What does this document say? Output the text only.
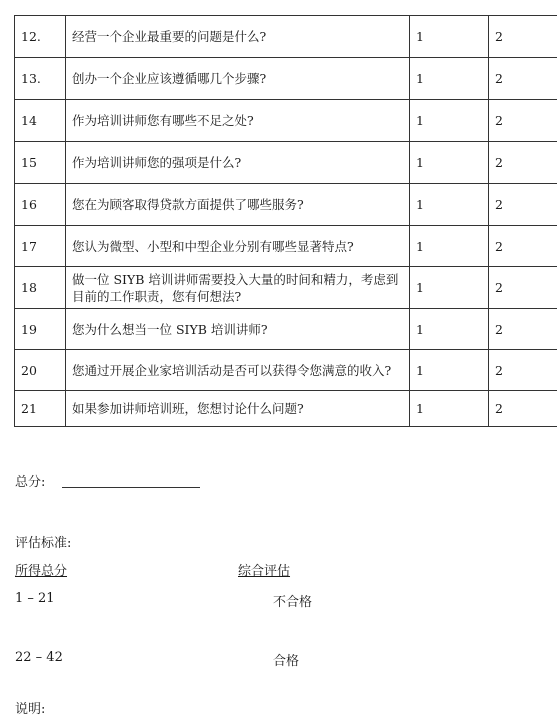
12.	经营一个企业最重要的问题是什么?	1	2
13.	创办一个企业应该遵循哪几个步骤?	1	2
14	作为培训讲师您有哪些不足之处?	1	2
15	作为培训讲师您的强项是什么?	1	2
16	您在为顾客取得贷款方面提供了哪些服务?	1	2
17	您认为微型、小型和中型企业分别有哪些显著特点?	1	2
18	做一位 SIYB 培训讲师需要投入大量的时间和精力，考虑到目前的工作职责，您有何想法?	1	2
19	您为什么想当一位 SIYB 培训讲师?	1	2
20	您通过开展企业家培训活动是否可以获得令您满意的收入?	1	2
21	如果参加讲师培训班，您想讨论什么问题?	1	2
总分:
评估标准:
所得总分	综合评估
1 – 21	不合格
22 – 42	合格
说明:
